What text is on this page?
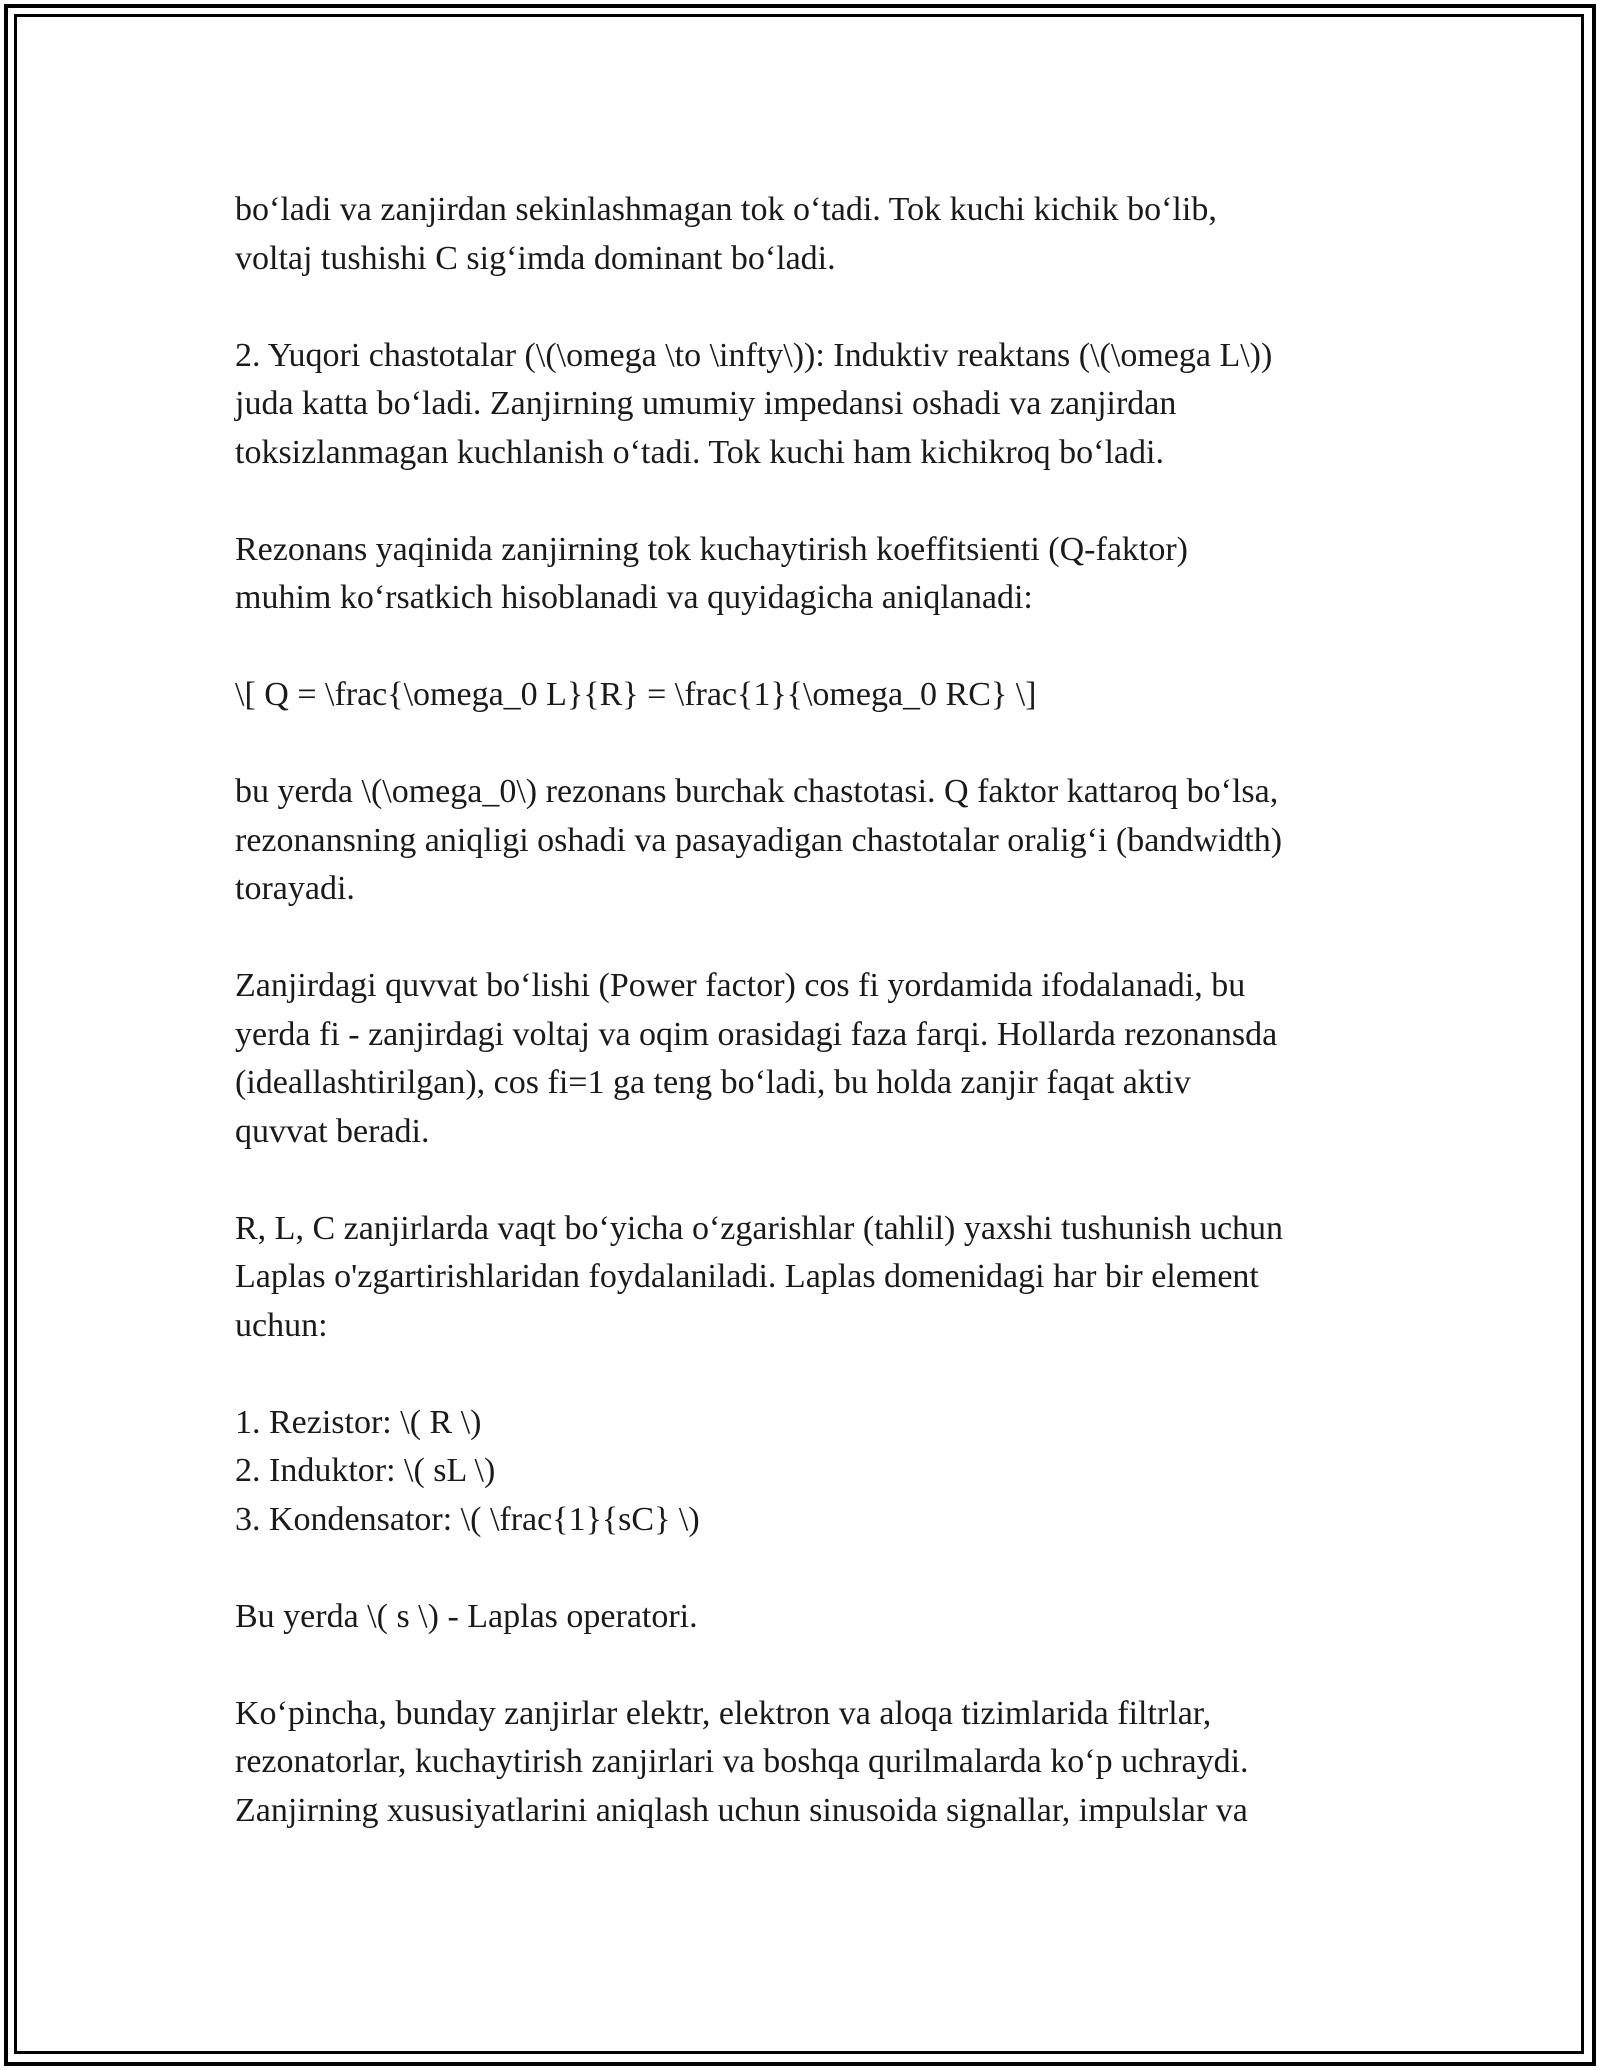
bo‘ladi va zanjirdan sekinlashmagan tok o‘tadi. Tok kuchi kichik bo‘lib,
voltaj tushishi C sig‘imda dominant bo‘ladi.

2. Yuqori chastotalar (\(\omega \to \infty\)): Induktiv reaktans (\(\omega L\))
juda katta bo‘ladi. Zanjirning umumiy impedansi oshadi va zanjirdan
toksizlanmagan kuchlanish o‘tadi. Tok kuchi ham kichikroq bo‘ladi.

Rezonans yaqinida zanjirning tok kuchaytirish koeffitsienti (Q-faktor)
muhim ko‘rsatkich hisoblanadi va quyidagicha aniqlanadi:

\[ Q = \frac{\omega_0 L}{R} = \frac{1}{\omega_0 RC} \]

bu yerda \(\omega_0\) rezonans burchak chastotasi. Q faktor kattaroq bo‘lsa,
rezonansning aniqligi oshadi va pasayadigan chastotalar oralig‘i (bandwidth)
torayadi.

Zanjirdagi quvvat bo‘lishi (Power factor) cos fi yordamida ifodalanadi, bu
yerda fi - zanjirdagi voltaj va oqim orasidagi faza farqi. Hollarda rezonansda
(ideallashtirilgan), cos fi=1 ga teng bo‘ladi, bu holda zanjir faqat aktiv
quvvat beradi.

R, L, C zanjirlarda vaqt bo‘yicha o‘zgarishlar (tahlil) yaxshi tushunish uchun
Laplas o'zgartirishlaridan foydalaniladi. Laplas domenidagi har bir element
uchun:

1. Rezistor: \( R \)

2. Induktor: \( sL \)

3. Kondensator: \( \frac{1}{sC} \)

Bu yerda \( s \) - Laplas operatori.

Ko‘pincha, bunday zanjirlar elektr, elektron va aloqa tizimlarida filtrlar,
rezonatorlar, kuchaytirish zanjirlari va boshqa qurilmalarda ko‘p uchraydi.
Zanjirning xususiyatlarini aniqlash uchun sinusoida signallar, impulslar va
